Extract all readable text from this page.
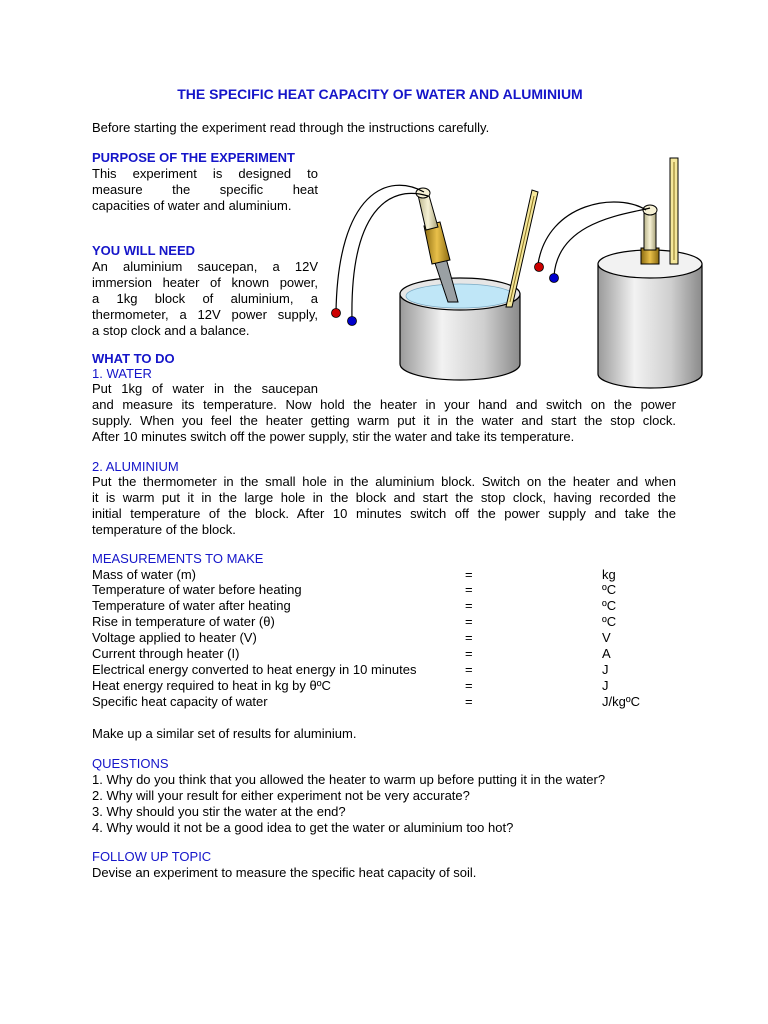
THE SPECIFIC HEAT CAPACITY OF WATER AND ALUMINIUM

Before starting the experiment read through the instructions carefully.

PURPOSE OF THE EXPERIMENT

This experiment is designed to
measure the specific heat
capacities of water and aluminium.

YOU WILL NEED

An aluminium saucepan, a 12V
immersion heater of known power,
a 1kg block of aluminium, a
thermometer, a 12V power supply,
a stop clock and a balance.

WHAT TO DO

1. WATER

Put 1kg of water in the saucepan
and measure its temperature. Now hold the heater in your hand and switch on the power
supply. When you feel the heater getting warm put it in the water and start the stop clock.
After 10 minutes switch off the power supply, stir the water and take its temperature.

2. ALUMINIUM

Put the thermometer in the small hole in the aluminium block. Switch on the heater and when
it is warm put it in the large hole in the block and start the stop clock, having recorded the
initial temperature of the block. After 10 minutes switch off the power supply and take the
temperature of the block.

MEASUREMENTS TO MAKE

Mass of water (m)	=	kg
Temperature of water before heating	=	ºC
Temperature of water after heating	=	ºC
Rise in temperature of water (θ)	=	ºC
Voltage applied to heater (V)	=	V
Current through heater (I)	=	A
Electrical energy converted to heat energy in 10 minutes	=	J
Heat energy required to heat in kg by θºC	=	J
Specific heat capacity of water	=	J/kgºC

Make up a similar set of results for aluminium.

QUESTIONS

1. Why do you think that you allowed the heater to warm up before putting it in the water?
2. Why will your result for either experiment not be very accurate?
3. Why should you stir the water at the end?
4. Why would it not be a good idea to get the water or aluminium too hot?

FOLLOW UP TOPIC

Devise an experiment to measure the specific heat capacity of soil.
